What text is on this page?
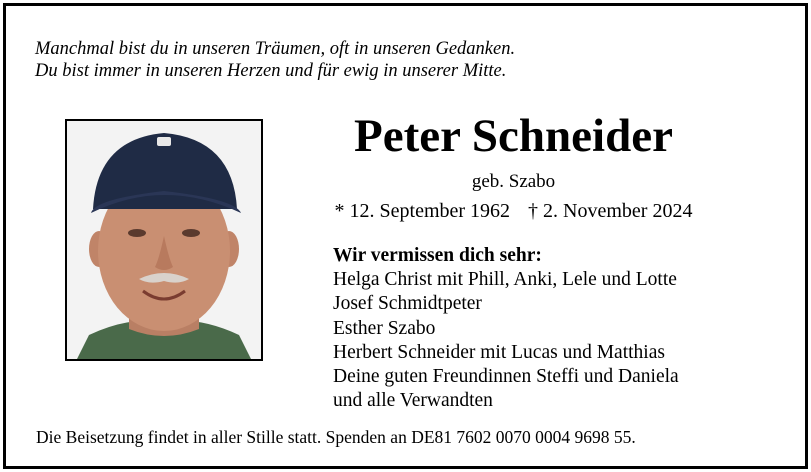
Manchmal bist du in unseren Träumen, oft in unseren Gedanken.
Du bist immer in unseren Herzen und für ewig in unserer Mitte.
Peter Schneider
geb. Szabo
* 12. September 1962 † 2. November 2024
Wir vermissen dich sehr:
Helga Christ mit Phill, Anki, Lele und Lotte
Josef Schmidtpeter
Esther Szabo
Herbert Schneider mit Lucas und Matthias
Deine guten Freundinnen Steffi und Daniela
und alle Verwandten
Die Beisetzung findet in aller Stille statt. Spenden an DE81 7602 0070 0004 9698 55.
